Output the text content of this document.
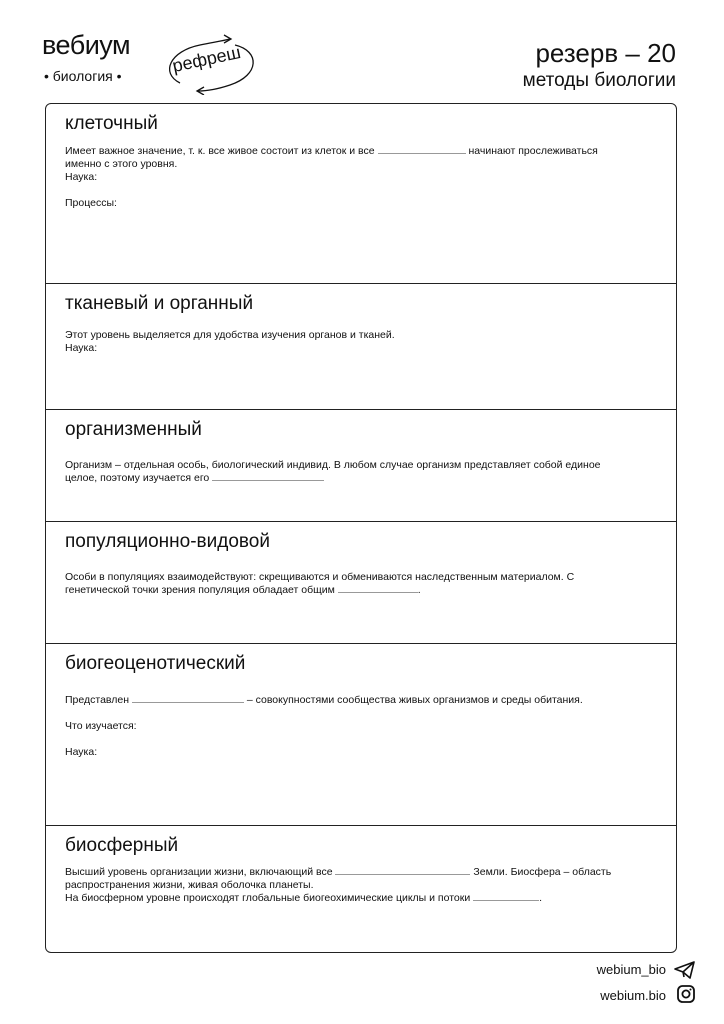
вебиум
• биология •
рефреш	резерв – 20
методы биологии
клеточный
Имеет важное значение, т. к. все живое состоит из клеток и все	начинают прослеживаться
именно с этого уровня.
Наука:
Процессы:
тканевый и органный
Этот уровень выделяется для удобства изучения органов и тканей.
Наука:
организменный
Организм – отдельная особь, биологический индивид. В любом случае организм представляет собой единое
целое, поэтому изучается его
популяционно-видовой
Особи в популяциях взаимодействуют: скрещиваются и обмениваются наследственным материалом. С
генетической точки зрения популяция обладает общим	.
биогеоценотический
Представлен	– совокупностями сообщества живых организмов и среды обитания.
Что изучается:
Наука:
биосферный
Высший уровень организации жизни, включающий все	Земли. Биосфера – область
распространения жизни, живая оболочка планеты.
На биосферном уровне происходят глобальные биогеохимические циклы и потоки	.
webium_bio
webium.bio
